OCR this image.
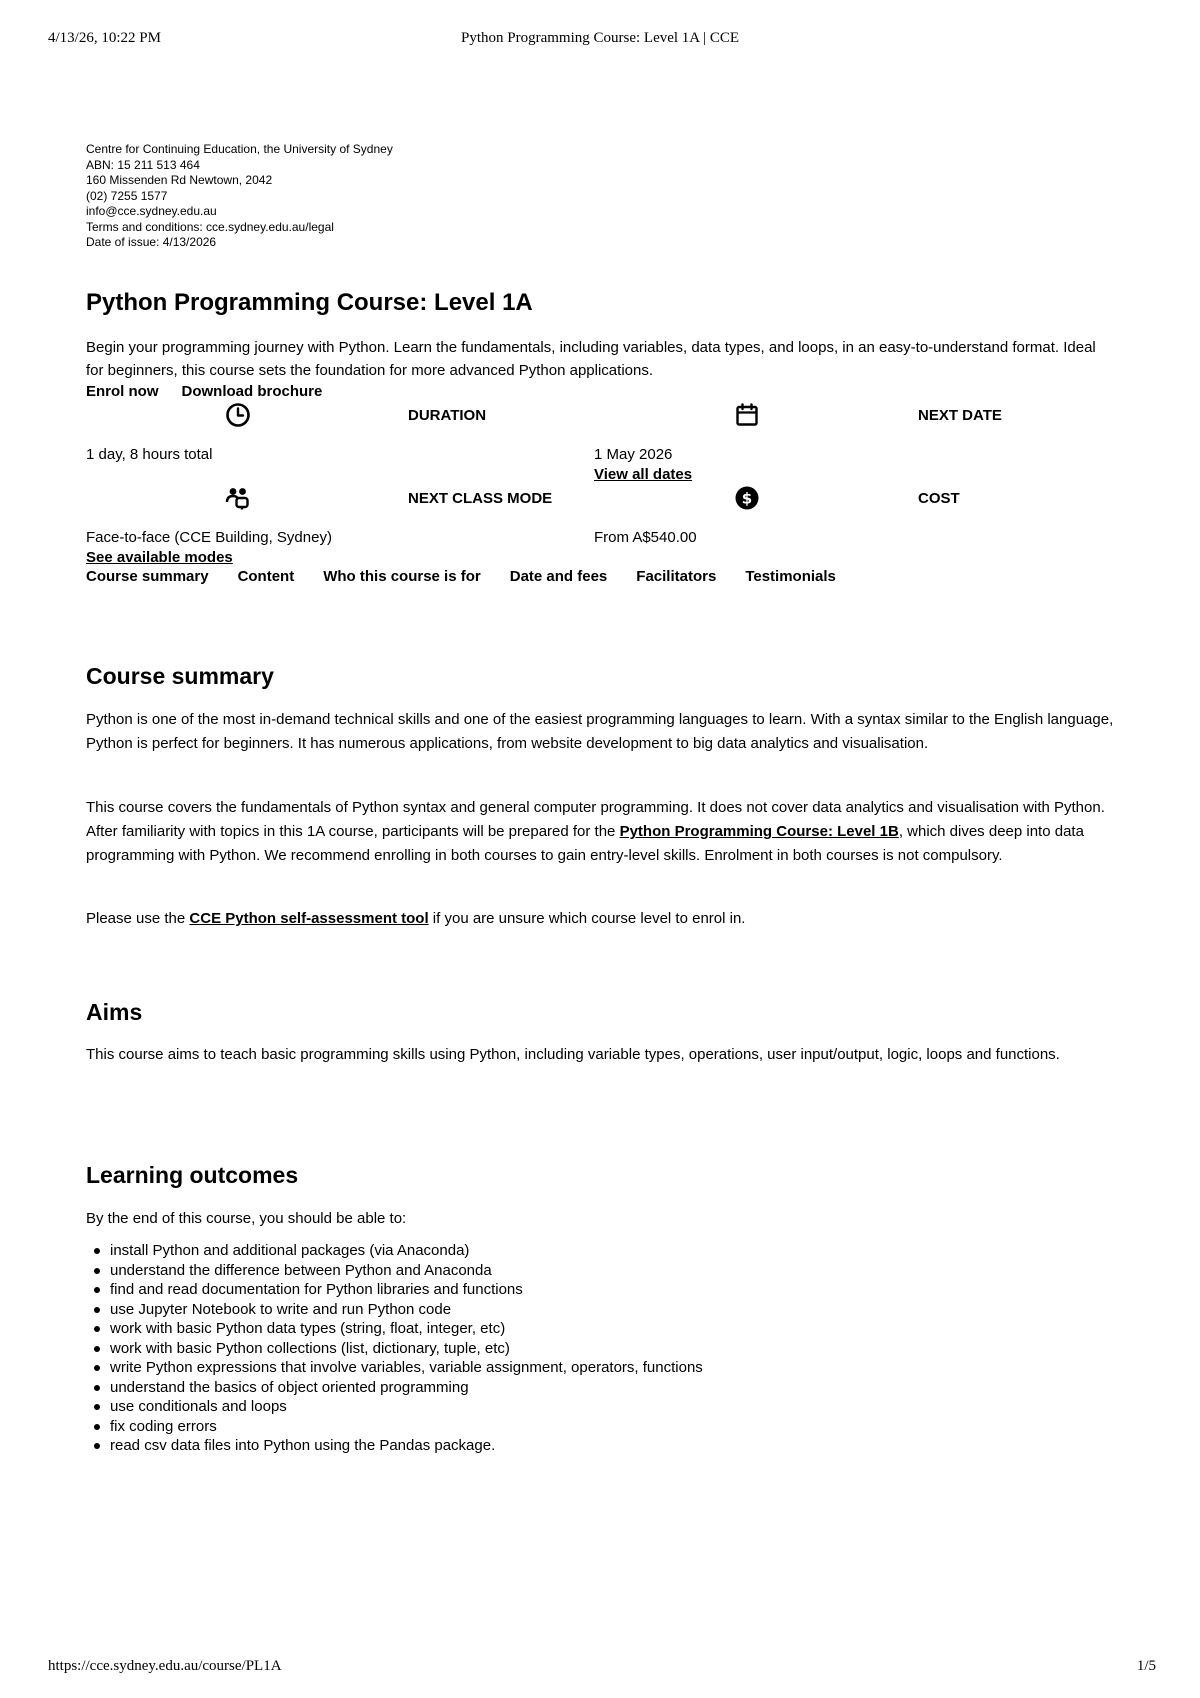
4/13/26, 10:22 PM	Python Programming Course: Level 1A | CCE
Centre for Continuing Education, the University of Sydney
ABN: 15 211 513 464
160 Missenden Rd Newtown, 2042
(02) 7255 1577
info@cce.sydney.edu.au
Terms and conditions: cce.sydney.edu.au/legal
Date of issue: 4/13/2026
Python Programming Course: Level 1A

Begin your programming journey with Python. Learn the fundamentals, including variables, data types, and loops, in an easy-to-understand format. Ideal for beginners, this course sets the foundation for more advanced Python applications.

Enrol now Download brochure
DURATION
1 day, 8 hours total
NEXT DATE
1 May 2026
View all dates
NEXT CLASS MODE
Face-to-face (CCE Building, Sydney)
See available modes
$	COST
From A$540.00
Course summary Content Who this course is for Date and fees Facilitators Testimonials
Course summary

Python is one of the most in-demand technical skills and one of the easiest programming languages to learn. With a syntax similar to the English language, Python is perfect for beginners. It has numerous applications, from website development to big data analytics and visualisation.

This course covers the fundamentals of Python syntax and general computer programming. It does not cover data analytics and visualisation with Python. After familiarity with topics in this 1A course, participants will be prepared for the Python Programming Course: Level 1B, which dives deep into data programming with Python. We recommend enrolling in both courses to gain entry-level skills. Enrolment in both courses is not compulsory.

Please use the CCE Python self-assessment tool if you are unsure which course level to enrol in.

Aims

This course aims to teach basic programming skills using Python, including variable types, operations, user input/output, logic, loops and functions.

Learning outcomes

By the end of this course, you should be able to:

install Python and additional packages (via Anaconda)
understand the difference between Python and Anaconda
find and read documentation for Python libraries and functions
use Jupyter Notebook to write and run Python code
work with basic Python data types (string, float, integer, etc)
work with basic Python collections (list, dictionary, tuple, etc)
write Python expressions that involve variables, variable assignment, operators, functions
understand the basics of object oriented programming
use conditionals and loops
fix coding errors
read csv data files into Python using the Pandas package.
https://cce.sydney.edu.au/course/PL1A	1/5
